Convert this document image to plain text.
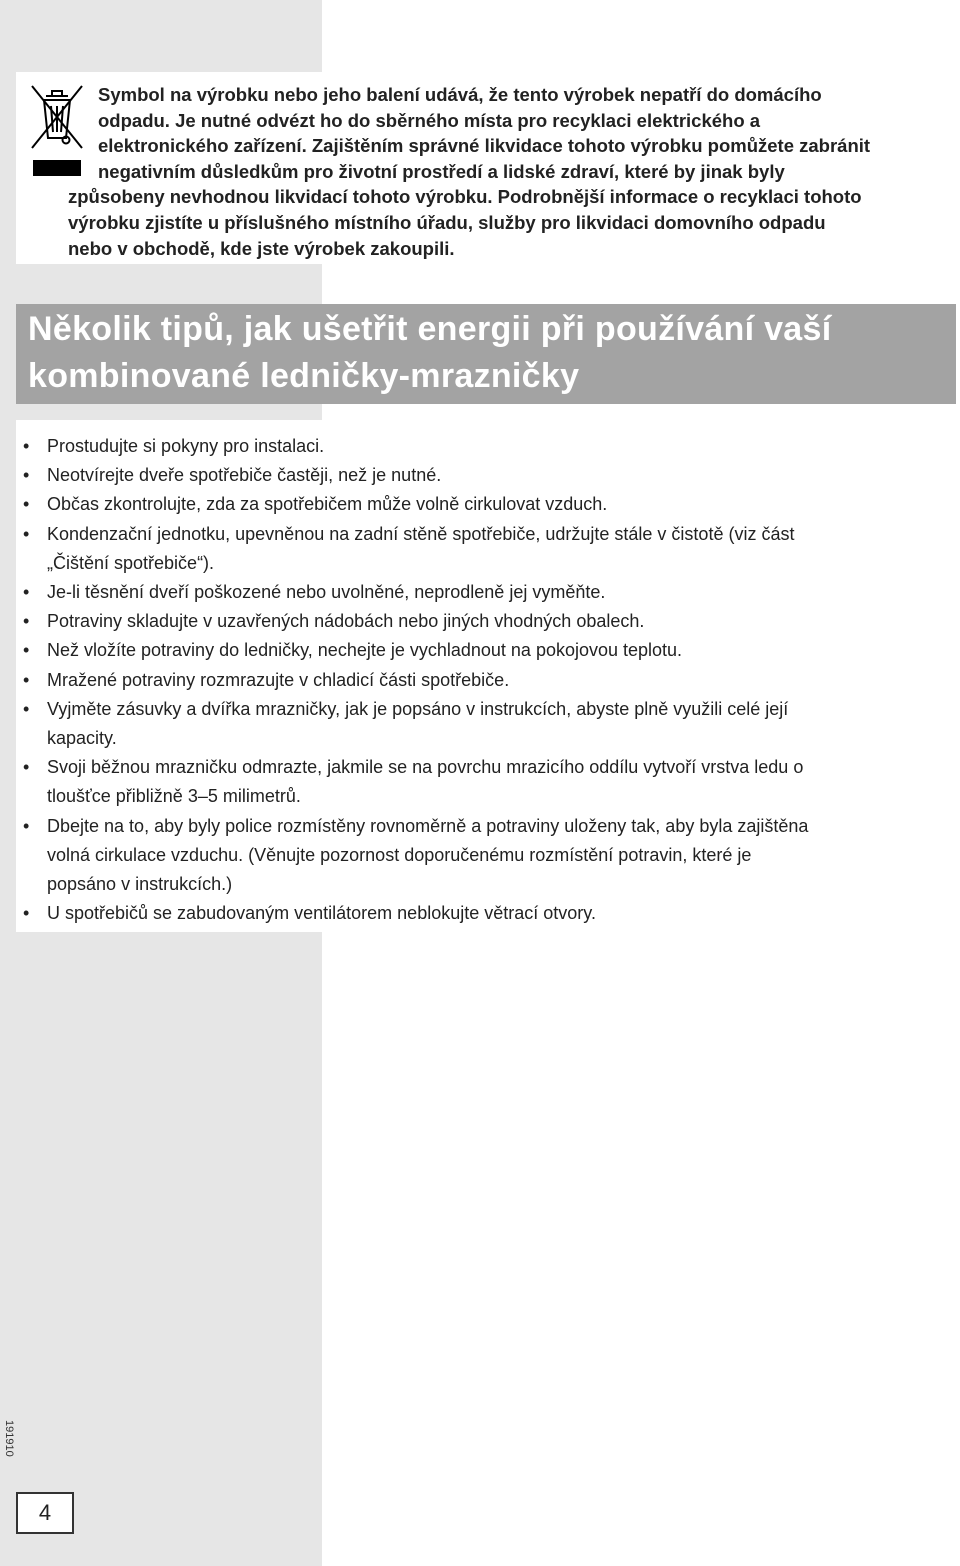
Symbol na výrobku nebo jeho balení udává, že tento výrobek nepatří do domácího
odpadu. Je nutné odvézt ho do sběrného místa pro recyklaci elektrického a
elektronického zařízení. Zajištěním správné likvidace tohoto výrobku pomůžete zabránit
negativním důsledkům pro životní prostředí a lidské zdraví, které by jinak byly
způsobeny nevhodnou likvidací tohoto výrobku. Podrobnější informace o recyklaci tohoto
výrobku zjistíte u příslušného místního úřadu, služby pro likvidaci domovního odpadu
nebo v obchodě, kde jste výrobek zakoupili.
Několik tipů, jak ušetřit energii při používání vaší
kombinované ledničky-mrazničky
• Prostudujte si pokyny pro instalaci.
• Neotvírejte dveře spotřebiče častěji, než je nutné.
• Občas zkontrolujte, zda za spotřebičem může volně cirkulovat vzduch.
• Kondenzační jednotku, upevněnou na zadní stěně spotřebiče, udržujte stále v čistotě (viz část
„Čištění spotřebiče“).
• Je-li těsnění dveří poškozené nebo uvolněné, neprodleně jej vyměňte.
• Potraviny skladujte v uzavřených nádobách nebo jiných vhodných obalech.
• Než vložíte potraviny do ledničky, nechejte je vychladnout na pokojovou teplotu.
• Mražené potraviny rozmrazujte v chladicí části spotřebiče.
• Vyjměte zásuvky a dvířka mrazničky, jak je popsáno v instrukcích, abyste plně využili celé její
kapacity.
• Svoji běžnou mrazničku odmrazte, jakmile se na povrchu mrazicího oddílu vytvoří vrstva ledu o
tloušťce přibližně 3–5 milimetrů.
• Dbejte na to, aby byly police rozmístěny rovnoměrně a potraviny uloženy tak, aby byla zajištěna
volná cirkulace vzduchu. (Věnujte pozornost doporučenému rozmístění potravin, které je
popsáno v instrukcích.)
• U spotřebičů se zabudovaným ventilátorem neblokujte větrací otvory.
191910
4
